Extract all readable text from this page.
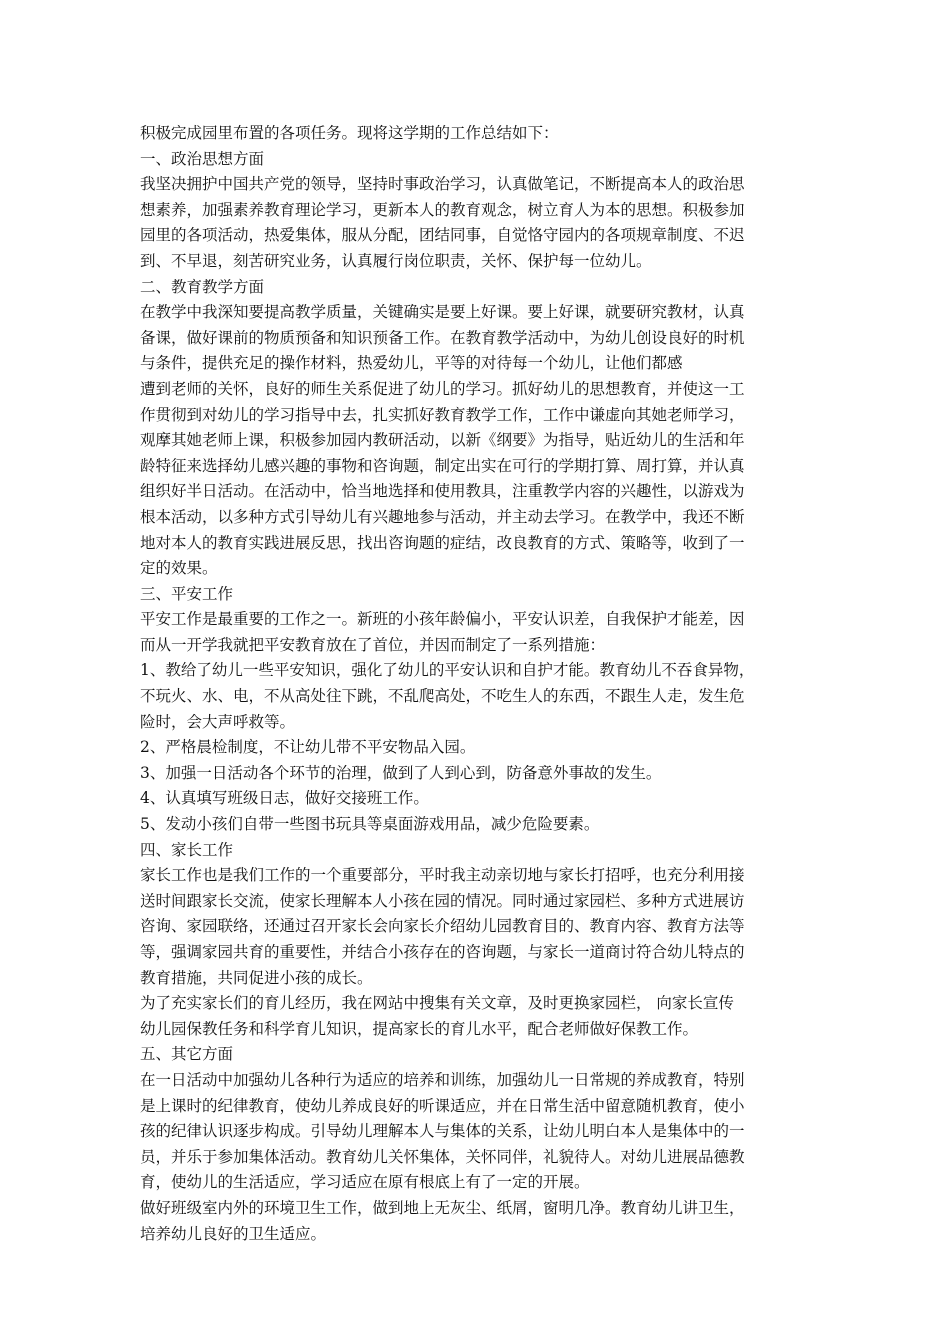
积极完成园里布置的各项任务。现将这学期的工作总结如下：
一、政治思想方面
我坚决拥护中国共产党的领导，坚持时事政治学习，认真做笔记，不断提高本人的政治思
想素养，加强素养教育理论学习，更新本人的教育观念，树立育人为本的思想。积极参加
园里的各项活动，热爱集体，服从分配，团结同事，自觉恪守园内的各项规章制度、不迟
到、不早退，刻苦研究业务，认真履行岗位职责，关怀、保护每一位幼儿。
二、教育教学方面
在教学中我深知要提高教学质量，关键确实是要上好课。要上好课，就要研究教材，认真
备课，做好课前的物质预备和知识预备工作。在教育教学活动中，为幼儿创设良好的时机
与条件，提供充足的操作材料，热爱幼儿，平等的对待每一个幼儿，让他们都感
遭到老师的关怀，良好的师生关系促进了幼儿的学习。抓好幼儿的思想教育，并使这一工
作贯彻到对幼儿的学习指导中去，扎实抓好教育教学工作，工作中谦虚向其她老师学习，
观摩其她老师上课，积极参加园内教研活动，以新《纲要》为指导，贴近幼儿的生活和年
龄特征来选择幼儿感兴趣的事物和咨询题，制定出实在可行的学期打算、周打算，并认真
组织好半日活动。在活动中，恰当地选择和使用教具，注重教学内容的兴趣性，以游戏为
根本活动，以多种方式引导幼儿有兴趣地参与活动，并主动去学习。在教学中，我还不断
地对本人的教育实践进展反思，找出咨询题的症结，改良教育的方式、策略等，收到了一
定的效果。
三、平安工作
平安工作是最重要的工作之一。新班的小孩年龄偏小，平安认识差，自我保护才能差，因
而从一开学我就把平安教育放在了首位，并因而制定了一系列措施：
1、教给了幼儿一些平安知识，强化了幼儿的平安认识和自护才能。教育幼儿不吞食异物，
不玩火、水、电，不从高处往下跳，不乱爬高处，不吃生人的东西，不跟生人走，发生危
险时，会大声呼救等。
2、严格晨检制度，不让幼儿带不平安物品入园。
3、加强一日活动各个环节的治理，做到了人到心到，防备意外事故的发生。
4、认真填写班级日志，做好交接班工作。
5、发动小孩们自带一些图书玩具等桌面游戏用品，减少危险要素。
四、家长工作
家长工作也是我们工作的一个重要部分，平时我主动亲切地与家长打招呼，也充分利用接
送时间跟家长交流，使家长理解本人小孩在园的情况。同时通过家园栏、多种方式进展访
咨询、家园联络，还通过召开家长会向家长介绍幼儿园教育目的、教育内容、教育方法等
等，强调家园共育的重要性，并结合小孩存在的咨询题，与家长一道商讨符合幼儿特点的
教育措施，共同促进小孩的成长。
为了充实家长们的育儿经历，我在网站中搜集有关文章，及时更换家园栏， 向家长宣传
幼儿园保教任务和科学育儿知识，提高家长的育儿水平，配合老师做好保教工作。
五、其它方面
在一日活动中加强幼儿各种行为适应的培养和训练，加强幼儿一日常规的养成教育，特别
是上课时的纪律教育，使幼儿养成良好的听课适应，并在日常生活中留意随机教育，使小
孩的纪律认识逐步构成。引导幼儿理解本人与集体的关系，让幼儿明白本人是集体中的一
员，并乐于参加集体活动。教育幼儿关怀集体，关怀同伴，礼貌待人。对幼儿进展品德教
育，使幼儿的生活适应，学习适应在原有根底上有了一定的开展。
做好班级室内外的环境卫生工作，做到地上无灰尘、纸屑，窗明几净。教育幼儿讲卫生，
培养幼儿良好的卫生适应。
